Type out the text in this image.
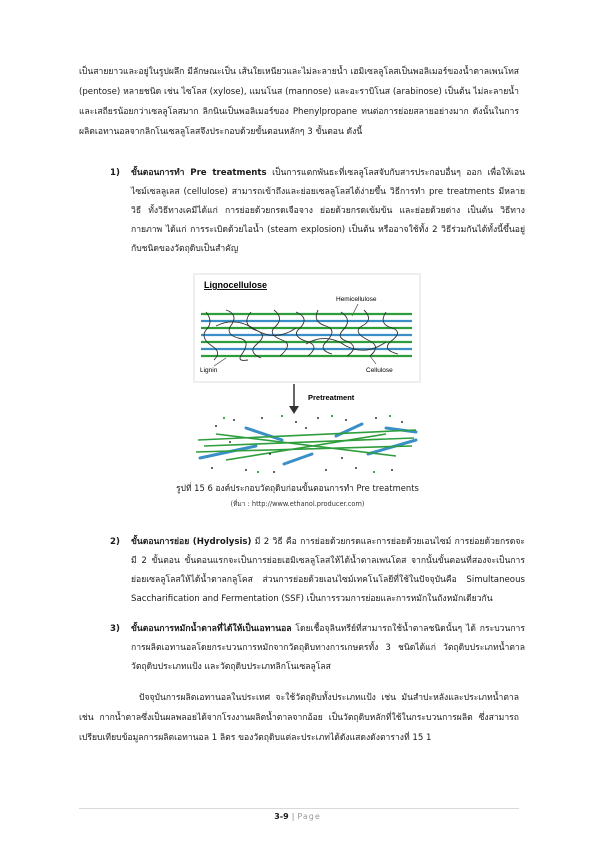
เป็นสายยาวและอยู่ในรูปผลึก มีลักษณะเป็น เส้นใยเหนียวและไม่ละลายน้ำ เฮมิเซลลูโลสเป็นพอลิเมอร์ของน้ำตาลเพนโทส (pentose) หลายชนิด เช่น ไซโลส (xylose), แมนโนส (mannose) และอะราบิโนส (arabinose) เป็นต้น ไม่ละลายน้ำและเสถียรน้อยกว่าเซลลูโลสมาก ลิกนินเป็นพอลิเมอร์ของ Phenylpropane ทนต่อการย่อยสลายอย่างมาก ดังนั้นในการผลิตเอทานอลจากลิกโนเซลลูโลสจึงประกอบด้วยขั้นตอนหลักๆ 3 ขั้นตอน ดังนี้
1)	ขั้นตอนการทำ Pre treatments เป็นการแตกพันธะที่เซลลูโลสจับกับสารประกอบอื่นๆ ออก เพื่อให้เอนไซม์เซลลูเลส (cellulose) สามารถเข้าถึงและย่อยเซลลูโลสได้ง่ายขึ้น วิธีการทำ pre treatments มีหลายวิธี ทั้งวิธีทางเคมีได้แก่ การย่อยด้วยกรดเจือจาง ย่อยด้วยกรดเข้มข้น และย่อยด้วยด่าง เป็นต้น วิธีทางกายภาพ ได้แก่ การระเบิดด้วยไอน้ำ (steam explosion) เป็นต้น หรืออาจใช้ทั้ง 2 วิธีร่วมกันได้ทั้งนี้ขึ้นอยู่กับชนิดของวัตถุดิบเป็นสำคัญ
Lignocellulose
Hemicellulose
Lignin	Cellulose
Pretreatment
รูปที่ 15 6 องค์ประกอบวัตถุดิบก่อนขั้นตอนการทำ Pre treatments
(ที่มา : http://www.ethanol.producer.com)
2)	ขั้นตอนการย่อย (Hydrolysis) มี 2 วิธี คือ การย่อยด้วยกรดและการย่อยด้วยเอนไซม์ การย่อยด้วยกรดจะมี 2 ขั้นตอน ขั้นตอนแรกจะเป็นการย่อยเฮมิเซลลูโลสให้ได้น้ำตาลเพนโตส จากนั้นขั้นตอนที่สองจะเป็นการย่อยเซลลูโลสให้ได้น้ำตาลกลูโคส ส่วนการย่อยด้วยเอนไซม์เทคโนโลยีที่ใช้ในปัจจุบันคือ Simultaneous Saccharification and Fermentation (SSF) เป็นการรวมการย่อยและการหมักในถังหมักเดียวกัน
3)	ขั้นตอนการหมักน้ำตาลที่ได้ให้เป็นเอทานอล โดยเชื้อจุลินทรีย์ที่สามารถใช้น้ำตาลชนิดนั้นๆ ได้ กระบวนการการผลิตเอทานอลโดยกระบวนการหมักจากวัตถุดิบทางการเกษตรทั้ง 3 ชนิดได้แก่ วัตถุดิบประเภทน้ำตาล วัตถุดิบประเภทแป้ง และวัตถุดิบประเภทลิกโนเซลลูโลส
ปัจจุบันการผลิตเอทานอลในประเทศ จะใช้วัตถุดิบทั้งประเภทแป้ง เช่น มันสำปะหลังและประเภทน้ำตาล เช่น กากน้ำตาลซึ่งเป็นผลพลอยได้จากโรงงานผลิตน้ำตาลจากอ้อย เป็นวัตถุดิบหลักที่ใช้ในกระบวนการผลิต ซึ่งสามารถเปรียบเทียบข้อมูลการผลิตเอทานอล 1 ลิตร ของวัตถุดิบแต่ละประเภทได้ดังแสดงดังตารางที่ 15 1
3-9 | Page
